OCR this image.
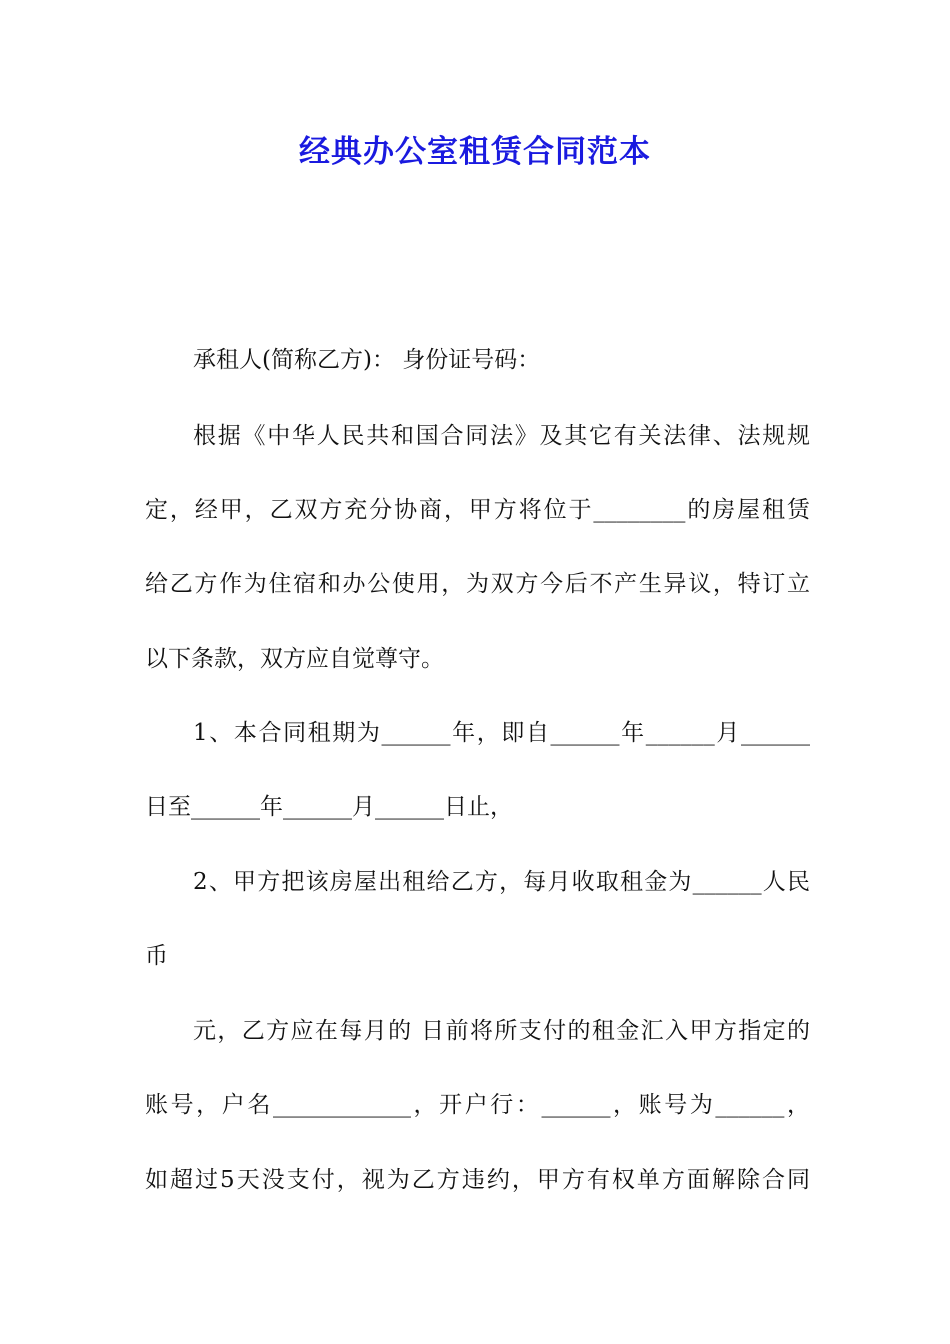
经典办公室租赁合同范本

承租人(简称乙方)： 身份证号码：

根据《中华人民共和国合同法》及其它有关法律、法规规

定，经甲，乙双方充分协商，甲方将位于________的房屋租赁

给乙方作为住宿和办公使用，为双方今后不产生异议，特订立

以下条款，双方应自觉尊守。

1、本合同租期为______年，即自______年______月______

日至______年______月______日止，

2、甲方把该房屋出租给乙方，每月收取租金为______人民

币

元，乙方应在每月的 日前将所支付的租金汇入甲方指定的

账号，户名____________，开户行：______，账号为______，

如超过5天没支付，视为乙方违约，甲方有权单方面解除合同
